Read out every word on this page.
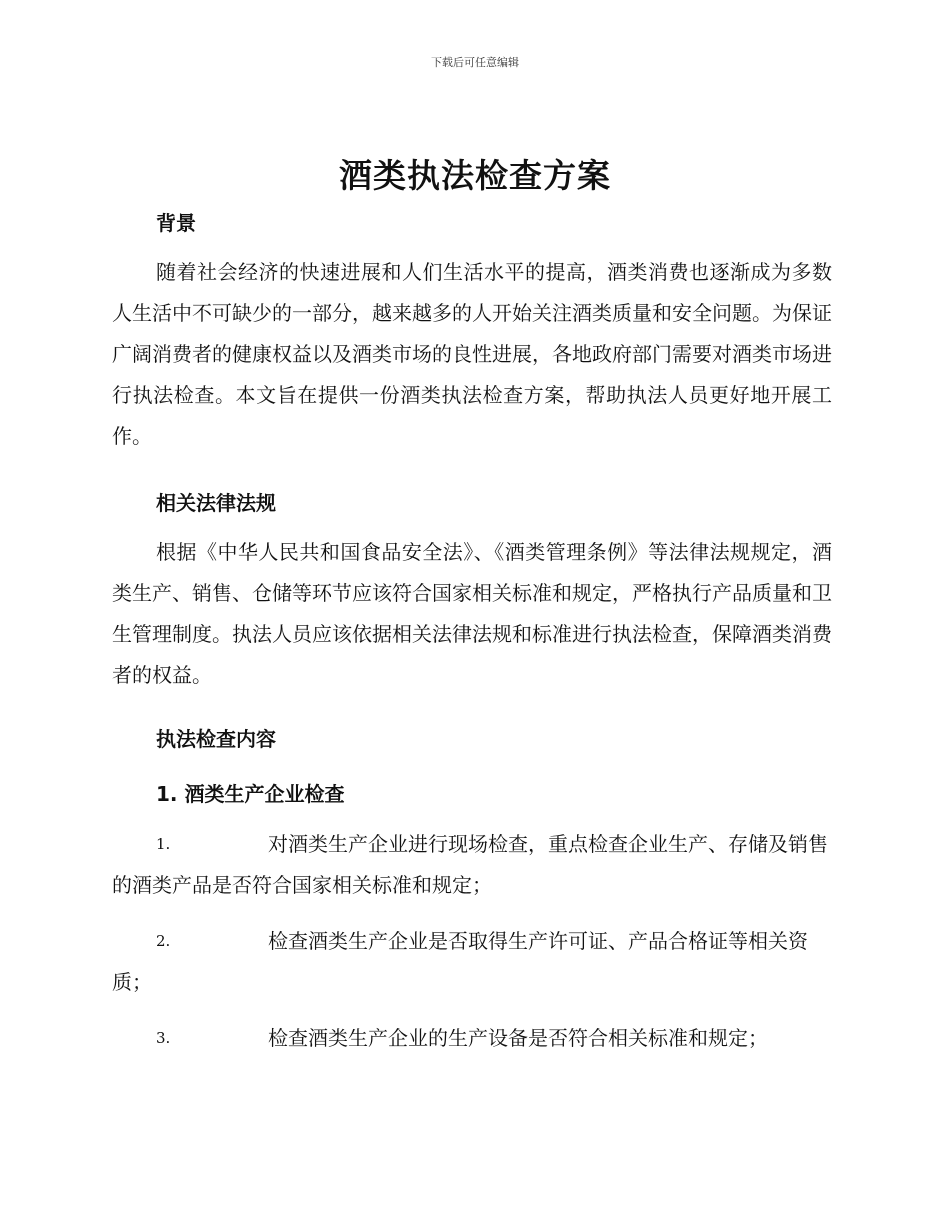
下载后可任意编辑
酒类执法检查方案
背景
随着社会经济的快速进展和人们生活水平的提高，酒类消费也逐渐成为多数人生活中不可缺少的一部分，越来越多的人开始关注酒类质量和安全问题。为保证广阔消费者的健康权益以及酒类市场的良性进展，各地政府部门需要对酒类市场进行执法检查。本文旨在提供一份酒类执法检查方案，帮助执法人员更好地开展工作。
相关法律法规
根据《中华人民共和国食品安全法》、《酒类管理条例》等法律法规规定，酒类生产、销售、仓储等环节应该符合国家相关标准和规定，严格执行产品质量和卫生管理制度。执法人员应该依据相关法律法规和标准进行执法检查，保障酒类消费者的权益。
执法检查内容
1. 酒类生产企业检查
1.	对酒类生产企业进行现场检查，重点检查企业生产、存储及销售的酒类产品是否符合国家相关标准和规定；
2.	检查酒类生产企业是否取得生产许可证、产品合格证等相关资质；
3.	检查酒类生产企业的生产设备是否符合相关标准和规定；
